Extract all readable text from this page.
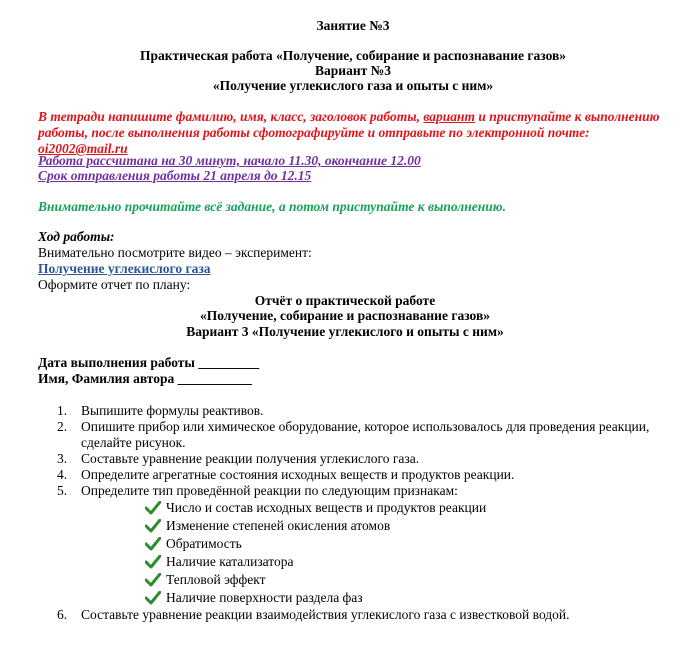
Занятие №3
Практическая работа «Получение, собирание и распознавание газов»
Вариант №3
«Получение углекислого газа и опыты с ним»
В тетради напишите фамилию, имя, класс, заголовок работы, вариант и приступайте к выполнению работы, после выполнения работы сфотографируйте и отправьте по электронной почте: oi2002@mail.ru
Работа рассчитана на 30 минут, начало 11.30, окончание 12.00
Срок отправления работы 21 апреля до 12.15
Внимательно прочитайте всё задание, а потом приступайте к выполнению.
Ход работы:
Внимательно посмотрите видео – эксперимент:
Получение углекислого газа
Оформите отчет по плану:
Отчёт о практической работе
«Получение, собирание и распознавание газов»
Вариант 3 «Получение углекислого и опыты с ним»
Дата выполнения работы _________
Имя, Фамилия автора ___________
1. Выпишите формулы реактивов.
2. Опишите прибор или химическое оборудование, которое использовалось для проведения реакции, сделайте рисунок.
3. Составьте уравнение реакции получения углекислого газа.
4. Определите агрегатные состояния исходных веществ и продуктов реакции.
5. Определите тип проведённой реакции по следующим признакам:
Число и состав исходных веществ и продуктов реакции
Изменение степеней окисления атомов
Обратимость
Наличие катализатора
Тепловой эффект
Наличие поверхности раздела фаз
6. Составьте уравнение реакции взаимодействия углекислого газа с известковой водой.
